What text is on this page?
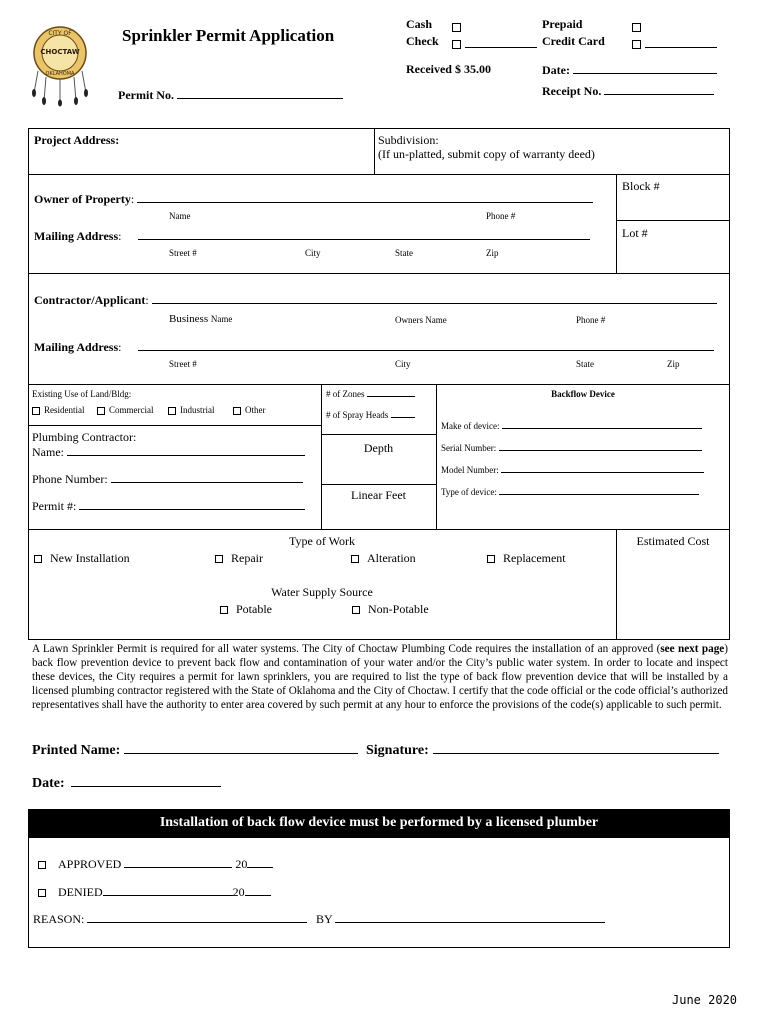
CITY OF
CHOCTAW
OKLAHOMA
Sprinkler Permit Application
Permit No.
Cash
Check

Prepaid
Credit Card

Received $ 35.00	Date:
Receipt No.
Project Address:	Subdivision:
(If un-platted, submit copy of warranty deed)
Block #
Lot #
Owner of Property:
Name	Phone #
Mailing Address:
Street #	City	State	Zip
Contractor/Applicant:
Business Name	Owners Name	Phone #
Mailing Address:
Street #	City	State	Zip
Existing Use of Land/Bldg:
Residential	Commercial	Industrial	Other
Plumbing Contractor:
Name:
Phone Number:
Permit #:
# of Zones
# of Spray Heads
Depth
Linear Feet
Backflow Device
Make of device:
Serial Number:
Model Number:
Type of device:
Type of Work	Estimated Cost
New Installation	Repair	Alteration	Replacement
Water Supply Source
Potable	Non-Potable
A Lawn Sprinkler Permit is required for all water systems. The City of Choctaw Plumbing Code requires the installation of an approved (see next page) back flow prevention device to prevent back flow and contamination of your water and/or the City’s public water system. In order to locate and inspect these devices, the City requires a permit for lawn sprinklers, you are required to list the type of back flow prevention device that will be installed by a licensed plumbing contractor registered with the State of Oklahoma and the City of Choctaw. I certify that the code official or the code official’s authorized representatives shall have the authority to enter area covered by such permit at any hour to enforce the provisions of the code(s) applicable to such permit.
Printed Name:	Signature:
Date:
Installation of back flow device must be performed by a licensed plumber
APPROVED	20
DENIED	20
REASON:	BY
June 2020
